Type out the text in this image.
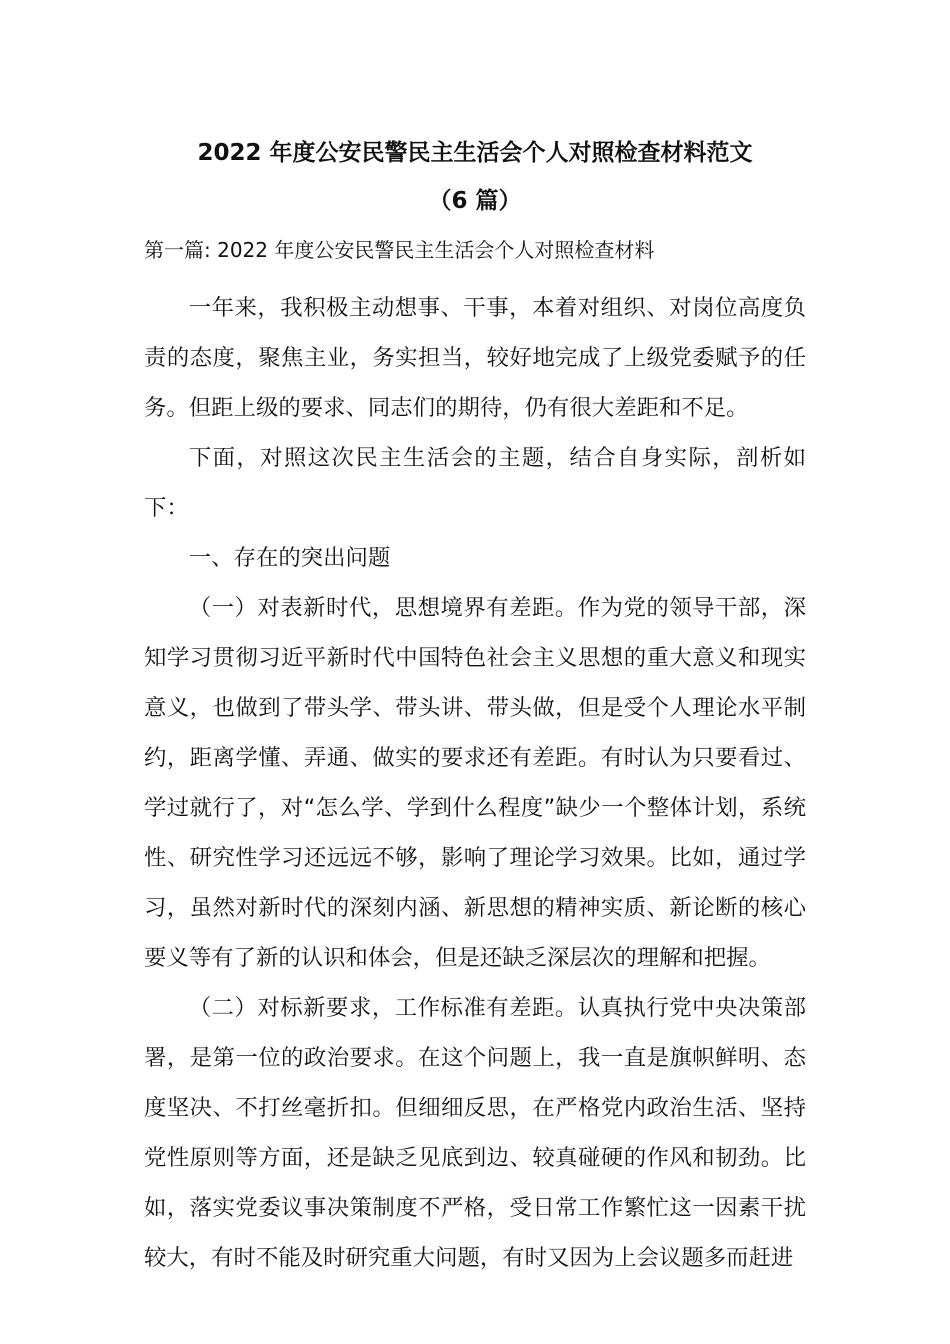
2022 年度公安民警民主生活会个人对照检查材料范文
（6 篇）
第一篇: 2022 年度公安民警民主生活会个人对照检查材料

一年来，我积极主动想事、干事，本着对组织、对岗位高度负责的态度，聚焦主业，务实担当，较好地完成了上级党委赋予的任务。但距上级的要求、同志们的期待，仍有很大差距和不足。

下面，对照这次民主生活会的主题，结合自身实际，剖析如下：

一、存在的突出问题

（一）对表新时代，思想境界有差距。作为党的领导干部，深知学习贯彻习近平新时代中国特色社会主义思想的重大意义和现实意义，也做到了带头学、带头讲、带头做，但是受个人理论水平制约，距离学懂、弄通、做实的要求还有差距。有时认为只要看过、学过就行了，对“怎么学、学到什么程度”缺少一个整体计划，系统性、研究性学习还远远不够，影响了理论学习效果。比如，通过学习，虽然对新时代的深刻内涵、新思想的精神实质、新论断的核心要义等有了新的认识和体会，但是还缺乏深层次的理解和把握。

（二）对标新要求，工作标准有差距。认真执行党中央决策部署，是第一位的政治要求。在这个问题上，我一直是旗帜鲜明、态度坚决、不打丝毫折扣。但细细反思，在严格党内政治生活、坚持党性原则等方面，还是缺乏见底到边、较真碰硬的作风和韧劲。比如，落实党委议事决策制度不严格，受日常工作繁忙这一因素干扰较大，有时不能及时研究重大问题，有时又因为上会议题多而赶进
